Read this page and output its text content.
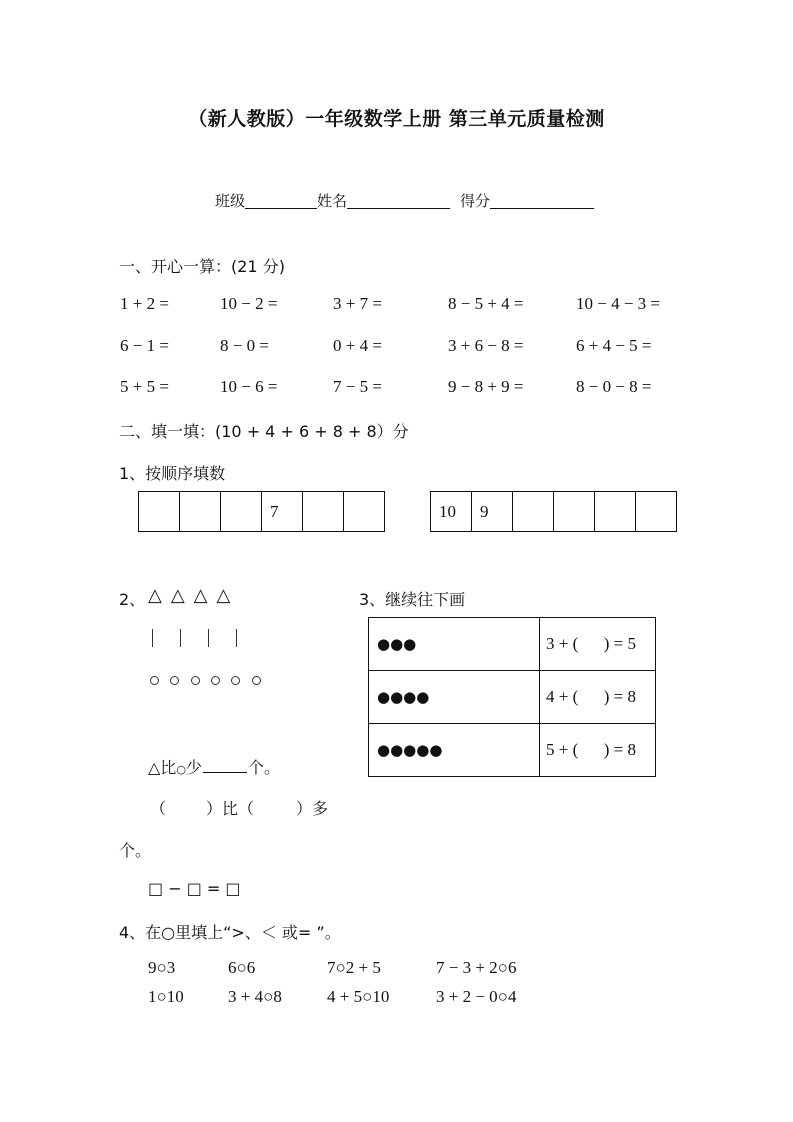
（新人教版）一年级数学上册 第三单元质量检测
班级	姓名	得分
一、开心一算：(21 分)
1 + 2 =	10 − 2 =	3 + 7 =	8 − 5 + 4 =	10 − 4 − 3 =
6 − 1 =	8 − 0 =	0 + 4 =	3 + 6 − 8 =	6 + 4 − 5 =
5 + 5 =	10 − 6 =	7 − 5 =	9 − 8 + 9 =	8 − 0 − 8 =
二、填一填：(10 + 4 + 6 + 8 + 8）分
1、按顺序填数
			7			10	9				
2、 △△△△
△比○少	个。
（	）比（	）多
个。
□ − □ = □
3、继续往下画
●●●	3 + (      ) = 5
●●●●	4 + (      ) = 8
●●●●●	5 + (      ) = 8
4、在○里填上“>、＜ 或= ”。
9○3	6○6	7○2 + 5	7 − 3 + 2○6
1○10	3 + 4○8	4 + 5○10	3 + 2 − 0○4
